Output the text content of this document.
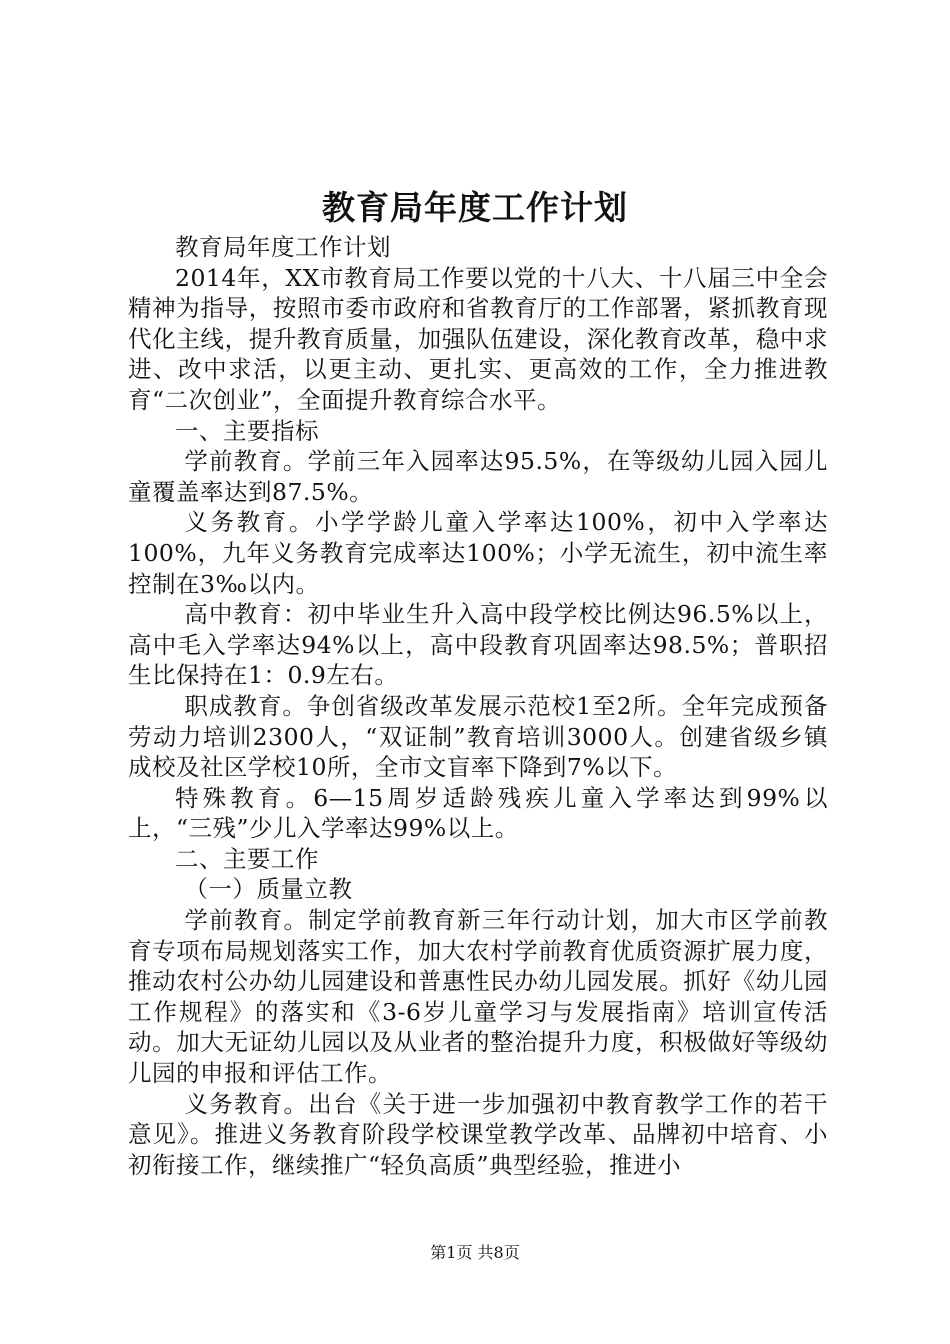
教育局年度工作计划

教育局年度工作计划

2014年，XX市教育局工作要以党的十八大、十八届三中全会精神为指导，按照市委市政府和省教育厅的工作部署，紧抓教育现代化主线，提升教育质量，加强队伍建设，深化教育改革，稳中求进、改中求活，以更主动、更扎实、更高效的工作，全力推进教育“二次创业”，全面提升教育综合水平。

一、主要指标

学前教育。学前三年入园率达95.5%，在等级幼儿园入园儿童覆盖率达到87.5%。

义务教育。小学学龄儿童入学率达100%，初中入学率达100%，九年义务教育完成率达100%；小学无流生，初中流生率控制在3‰以内。

高中教育：初中毕业生升入高中段学校比例达96.5%以上，高中毛入学率达94%以上，高中段教育巩固率达98.5%；普职招生比保持在1：0.9左右。

职成教育。争创省级改革发展示范校1至2所。全年完成预备劳动力培训2300人，“双证制”教育培训3000人。创建省级乡镇成校及社区学校10所，全市文盲率下降到7%以下。

特殊教育。6—15周岁适龄残疾儿童入学率达到99%以上，“三残”少儿入学率达99%以上。

二、主要工作

（一）质量立教

学前教育。制定学前教育新三年行动计划，加大市区学前教育专项布局规划落实工作，加大农村学前教育优质资源扩展力度，推动农村公办幼儿园建设和普惠性民办幼儿园发展。抓好《幼儿园工作规程》的落实和《3-6岁儿童学习与发展指南》培训宣传活动。加大无证幼儿园以及从业者的整治提升力度，积极做好等级幼儿园的申报和评估工作。

义务教育。出台《关于进一步加强初中教育教学工作的若干意见》。推进义务教育阶段学校课堂教学改革、品牌初中培育、小初衔接工作，继续推广“轻负高质”典型经验，推进小

第1页 共8页
